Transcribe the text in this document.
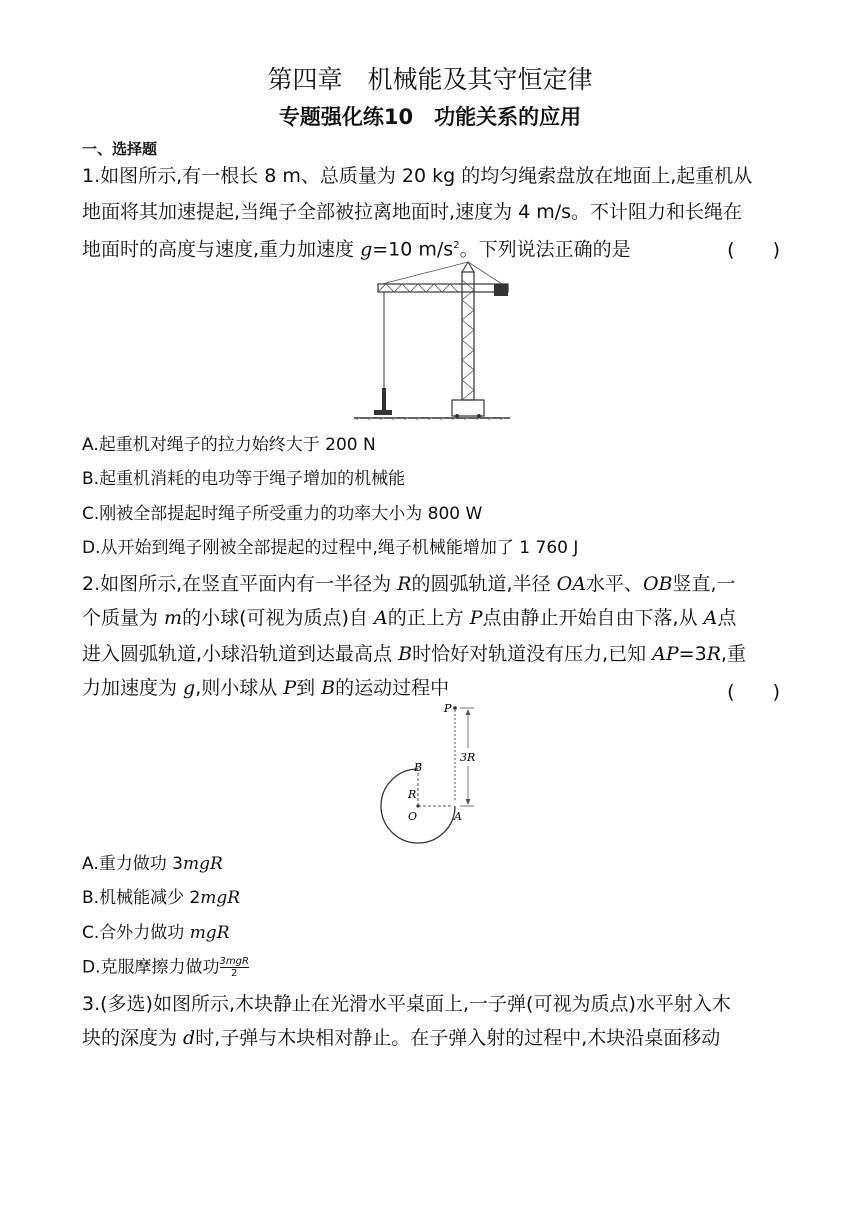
第四章　机械能及其守恒定律
专题强化练10　功能关系的应用
一、选择题
1.如图所示,有一根长 8 m、总质量为 20 kg 的均匀绳索盘放在地面上,起重机从
地面将其加速提起,当绳子全部被拉离地面时,速度为 4 m/s。不计阻力和长绳在
地面时的高度与速度,重力加速度 g=10 $m/s^2$。下列说法正确的是	(　　)
A.起重机对绳子的拉力始终大于 200 N
B.起重机消耗的电功等于绳子增加的机械能
C.刚被全部提起时绳子所受重力的功率大小为 800 W
D.从开始到绳子刚被全部提起的过程中,绳子机械能增加了 1 760 J
2.如图所示,在竖直平面内有一半径为 R的圆弧轨道,半径 OA水平、OB竖直,一
个质量为 m的小球(可视为质点)自 A的正上方 P点由静止开始自由下落,从 A点
进入圆弧轨道,小球沿轨道到达最高点 B时恰好对轨道没有压力,已知 AP=3R,重
力加速度为 g,则小球从 P到 B的运动过程中	(　　)
P
3R
B
R
O	A
A.重力做功 3mgR
B.机械能减少 2mgR
C.合外力做功 mgR
D.克服摩擦力做功 $\frac{\text{3mgR}}{2}$
3.(多选)如图所示,木块静止在光滑水平桌面上,一子弹(可视为质点)水平射入木
块的深度为 d时,子弹与木块相对静止。在子弹入射的过程中,木块沿桌面移动
